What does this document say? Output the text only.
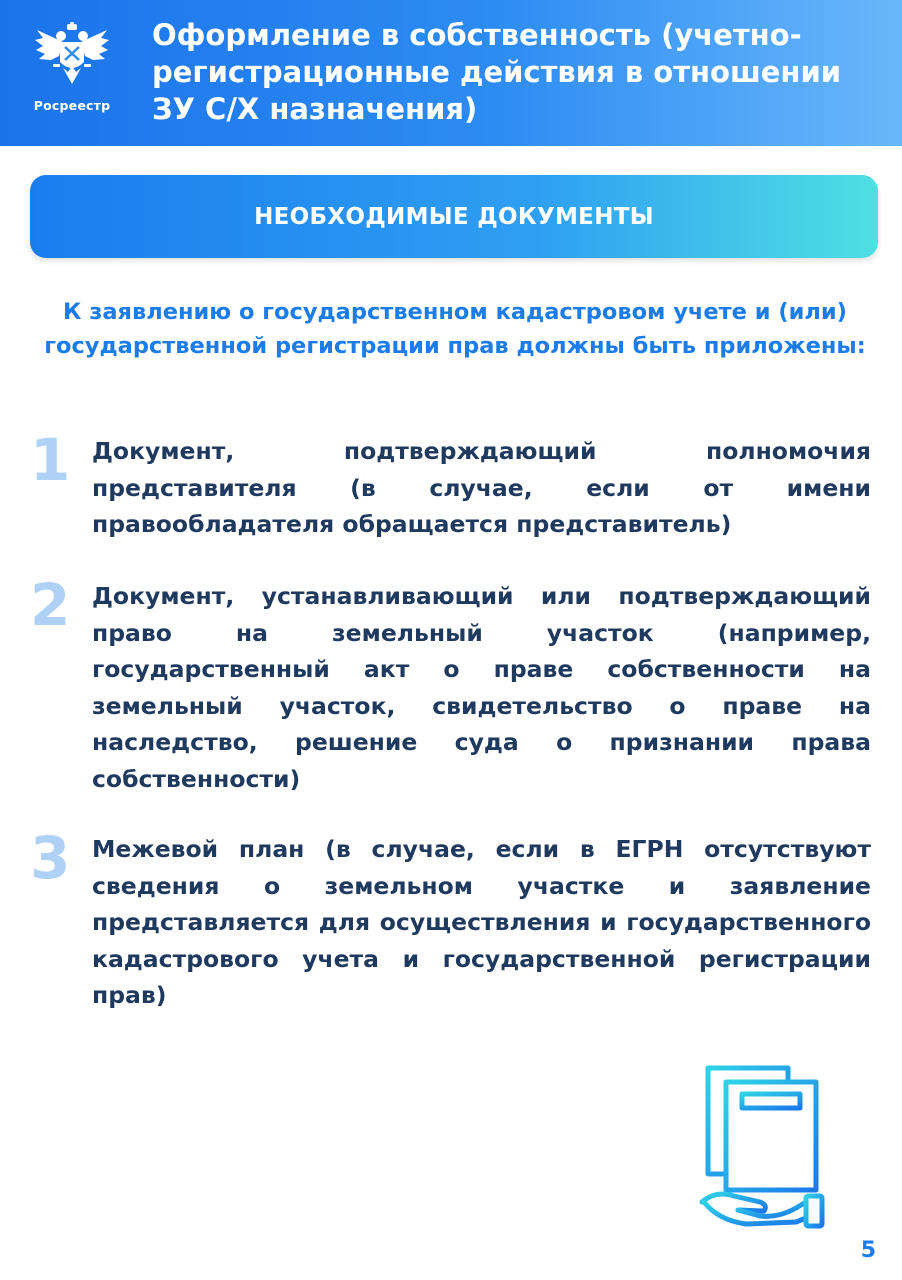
Росреестр
Оформление в собственность (учетно-регистрационные действия в отношении ЗУ С/Х назначения)
НЕОБХОДИМЫЕ ДОКУМЕНТЫ

К заявлению о государственном кадастровом учете и (или) государственной регистрации прав должны быть приложены:

1 Документ, подтверждающий полномочия представителя (в случае, если от имени правообладателя обращается представитель)

2 Документ, устанавливающий или подтверждающий право на земельный участок (например, государственный акт о праве собственности на земельный участок, свидетельство о праве на наследство, решение суда о признании права собственности)

3 Межевой план (в случае, если в ЕГРН отсутствуют сведения о земельном участке и заявление представляется для осуществления и государственного кадастрового учета и государственной регистрации прав)

5
